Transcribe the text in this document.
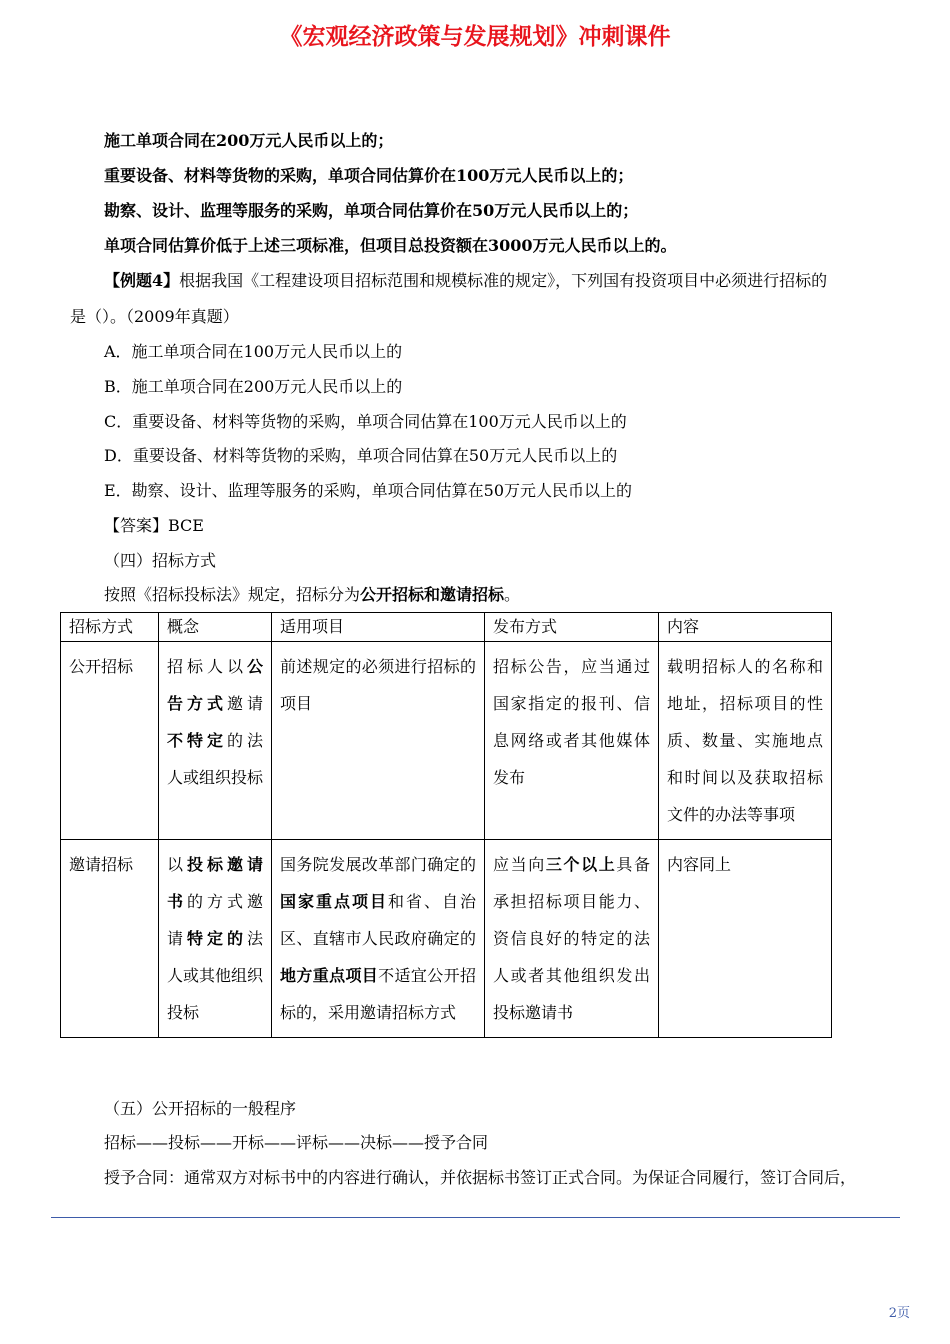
《宏观经济政策与发展规划》冲刺课件
施工单项合同在200万元人民币以上的；
重要设备、材料等货物的采购，单项合同估算价在100万元人民币以上的；
勘察、设计、监理等服务的采购，单项合同估算价在50万元人民币以上的；
单项合同估算价低于上述三项标准，但项目总投资额在3000万元人民币以上的。
【例题4】根据我国《工程建设项目招标范围和规模标准的规定》，下列国有投资项目中必须进行招标的
是（）。（2009年真题）
A．施工单项合同在100万元人民币以上的
B．施工单项合同在200万元人民币以上的
C．重要设备、材料等货物的采购，单项合同估算在100万元人民币以上的
D．重要设备、材料等货物的采购，单项合同估算在50万元人民币以上的
E．勘察、设计、监理等服务的采购，单项合同估算在50万元人民币以上的
【答案】BCE
（四）招标方式
按照《招标投标法》规定，招标分为公开招标和邀请招标。
招标方式	概念	适用项目	发布方式	内容
公开招标	招标人以公告方式邀请不特定的法人或组织投标	前述规定的必须进行招标的项目	招标公告，应当通过国家指定的报刊、信息网络或者其他媒体发布	载明招标人的名称和地址，招标项目的性质、数量、实施地点和时间以及获取招标文件的办法等事项
邀请招标	以投标邀请书的方式邀请特定的法人或其他组织投标	国务院发展改革部门确定的国家重点项目和省、自治区、直辖市人民政府确定的地方重点项目不适宜公开招标的，采用邀请招标方式	应当向三个以上具备承担招标项目能力、资信良好的特定的法人或者其他组织发出投标邀请书	内容同上
（五）公开招标的一般程序
招标——投标——开标——评标——决标——授予合同
授予合同：通常双方对标书中的内容进行确认，并依据标书签订正式合同。为保证合同履行，签订合同后，
2页
